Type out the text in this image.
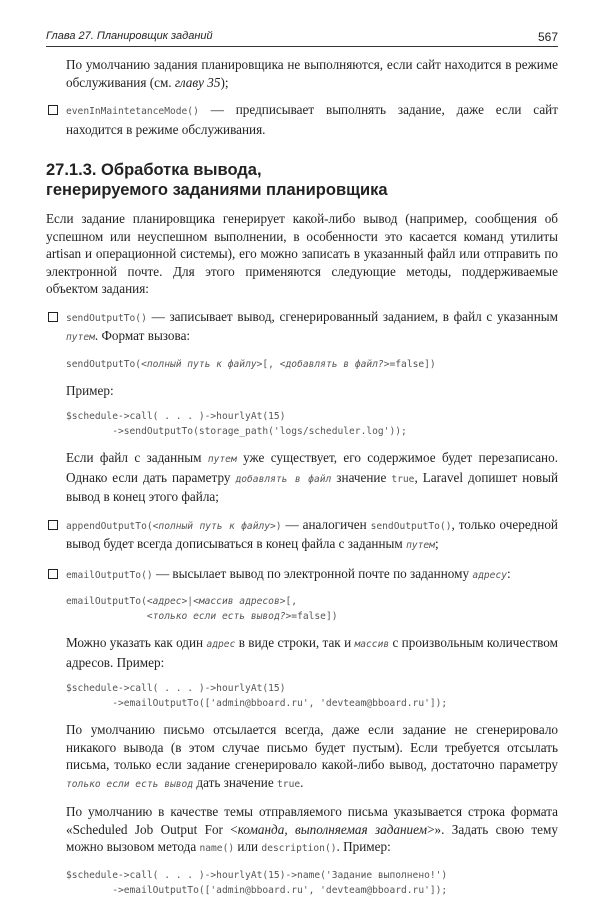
Глава 27. Планировщик заданий	567

По умолчанию задания планировщика не выполняются, если сайт находится в режиме обслуживания (см. главу 35);

evenInMaintetanceMode() — предписывает выполнять задание, даже если сайт находится в режиме обслуживания.
27.1.3. Обработка вывода,
генерируемого заданиями планировщика

Если задание планировщика генерирует какой-либо вывод (например, сообщения об успешном или неуспешном выполнении, в особенности это касается команд утилиты artisan и операционной системы), его можно записать в указанный файл или отправить по электронной почте. Для этого применяются следующие методы, поддерживаемые объектом задания:

sendOutputTo() — записывает вывод, сгенерированный заданием, в файл с указанным путем. Формат вызова:
sendOutputTo(<полный путь к файлу>[, <добавлять в файл?>=false])

Пример:

$schedule->call( . . . )->hourlyAt(15)
->sendOutputTo(storage_path('logs/scheduler.log'));

Если файл с заданным путем уже существует, его содержимое будет перезаписано. Однако если дать параметру добавлять в файл значение true, Laravel допишет новый вывод в конец этого файла;

appendOutputTo(<полный путь к файлу>) — аналогичен sendOutputTo(), только очередной вывод будет всегда дописываться в конец файла с заданным путем;
emailOutputTo() — высылает вывод по электронной почте по заданному адресу:
emailOutputTo(<адрес>|<массив адресов>[,
<только если есть вывод?>=false])

Можно указать как один адрес в виде строки, так и массив с произвольным количеством адресов. Пример:

$schedule->call( . . . )->hourlyAt(15)
->emailOutputTo(['admin@bboard.ru', 'devteam@bboard.ru']);

По умолчанию письмо отсылается всегда, даже если задание не сгенерировало никакого вывода (в этом случае письмо будет пустым). Если требуется отсылать письма, только если задание сгенерировало какой-либо вывод, достаточно параметру только если есть вывод дать значение true.

По умолчанию в качестве темы отправляемого письма указывается строка формата «Scheduled Job Output For <команда, выполняемая заданием>». Задать свою тему можно вызовом метода name() или description(). Пример:

$schedule->call( . . . )->hourlyAt(15)->name('Задание выполнено!')
->emailOutputTo(['admin@bboard.ru', 'devteam@bboard.ru']);
